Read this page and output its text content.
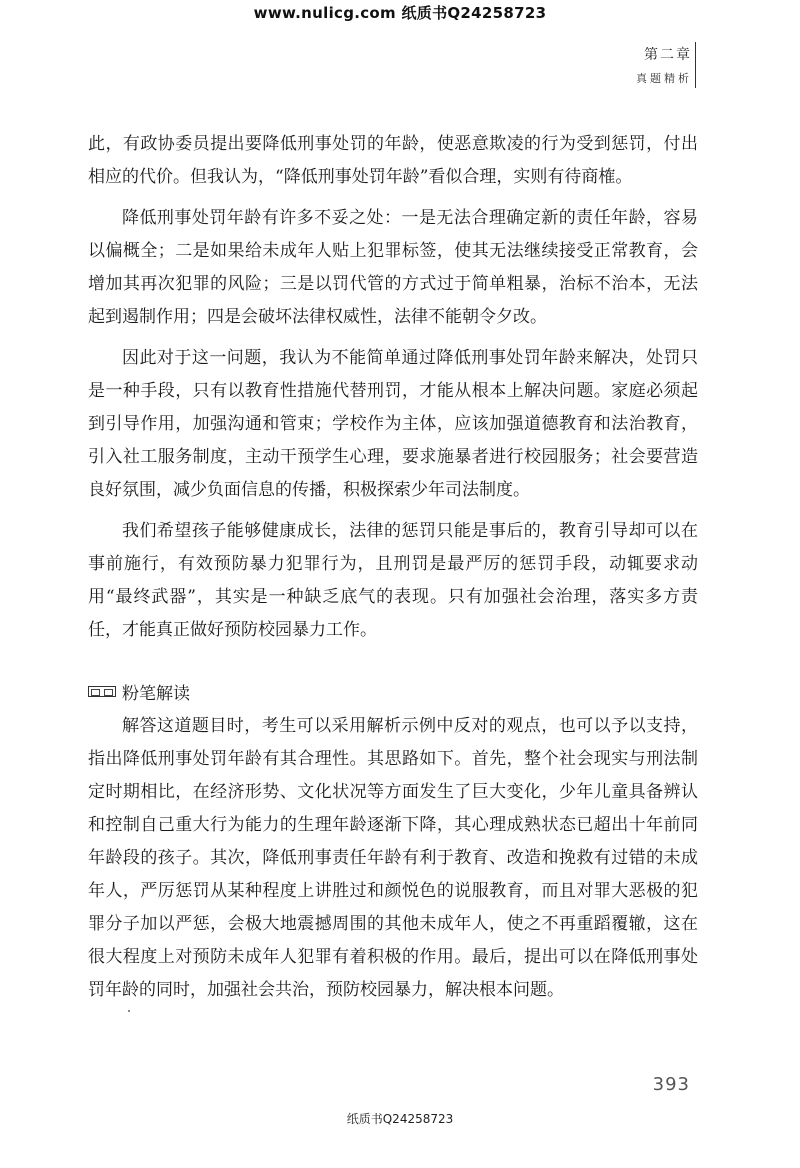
www.nulicg.com 纸质书Q24258723
第二章
真题精析

此，有政协委员提出要降低刑事处罚的年龄，使恶意欺凌的行为受到惩罚，付出相应的代价。但我认为，“降低刑事处罚年龄”看似合理，实则有待商榷。

降低刑事处罚年龄有许多不妥之处：一是无法合理确定新的责任年龄，容易以偏概全；二是如果给未成年人贴上犯罪标签，使其无法继续接受正常教育，会增加其再次犯罪的风险；三是以罚代管的方式过于简单粗暴，治标不治本，无法起到遏制作用；四是会破坏法律权威性，法律不能朝令夕改。

因此对于这一问题，我认为不能简单通过降低刑事处罚年龄来解决，处罚只是一种手段，只有以教育性措施代替刑罚，才能从根本上解决问题。家庭必须起到引导作用，加强沟通和管束；学校作为主体，应该加强道德教育和法治教育，引入社工服务制度，主动干预学生心理，要求施暴者进行校园服务；社会要营造良好氛围，减少负面信息的传播，积极探索少年司法制度。

我们希望孩子能够健康成长，法律的惩罚只能是事后的，教育引导却可以在事前施行，有效预防暴力犯罪行为，且刑罚是最严厉的惩罚手段，动辄要求动用“最终武器”，其实是一种缺乏底气的表现。只有加强社会治理，落实多方责任，才能真正做好预防校园暴力工作。

粉笔解读

解答这道题目时，考生可以采用解析示例中反对的观点，也可以予以支持，指出降低刑事处罚年龄有其合理性。其思路如下。首先，整个社会现实与刑法制定时期相比，在经济形势、文化状况等方面发生了巨大变化，少年儿童具备辨认和控制自己重大行为能力的生理年龄逐渐下降，其心理成熟状态已超出十年前同年龄段的孩子。其次，降低刑事责任年龄有利于教育、改造和挽救有过错的未成年人，严厉惩罚从某种程度上讲胜过和颜悦色的说服教育，而且对罪大恶极的犯罪分子加以严惩，会极大地震撼周围的其他未成年人，使之不再重蹈覆辙，这在很大程度上对预防未成年人犯罪有着积极的作用。最后，提出可以在降低刑事处罚年龄的同时，加强社会共治，预防校园暴力，解决根本问题。

393
纸质书Q24258723
